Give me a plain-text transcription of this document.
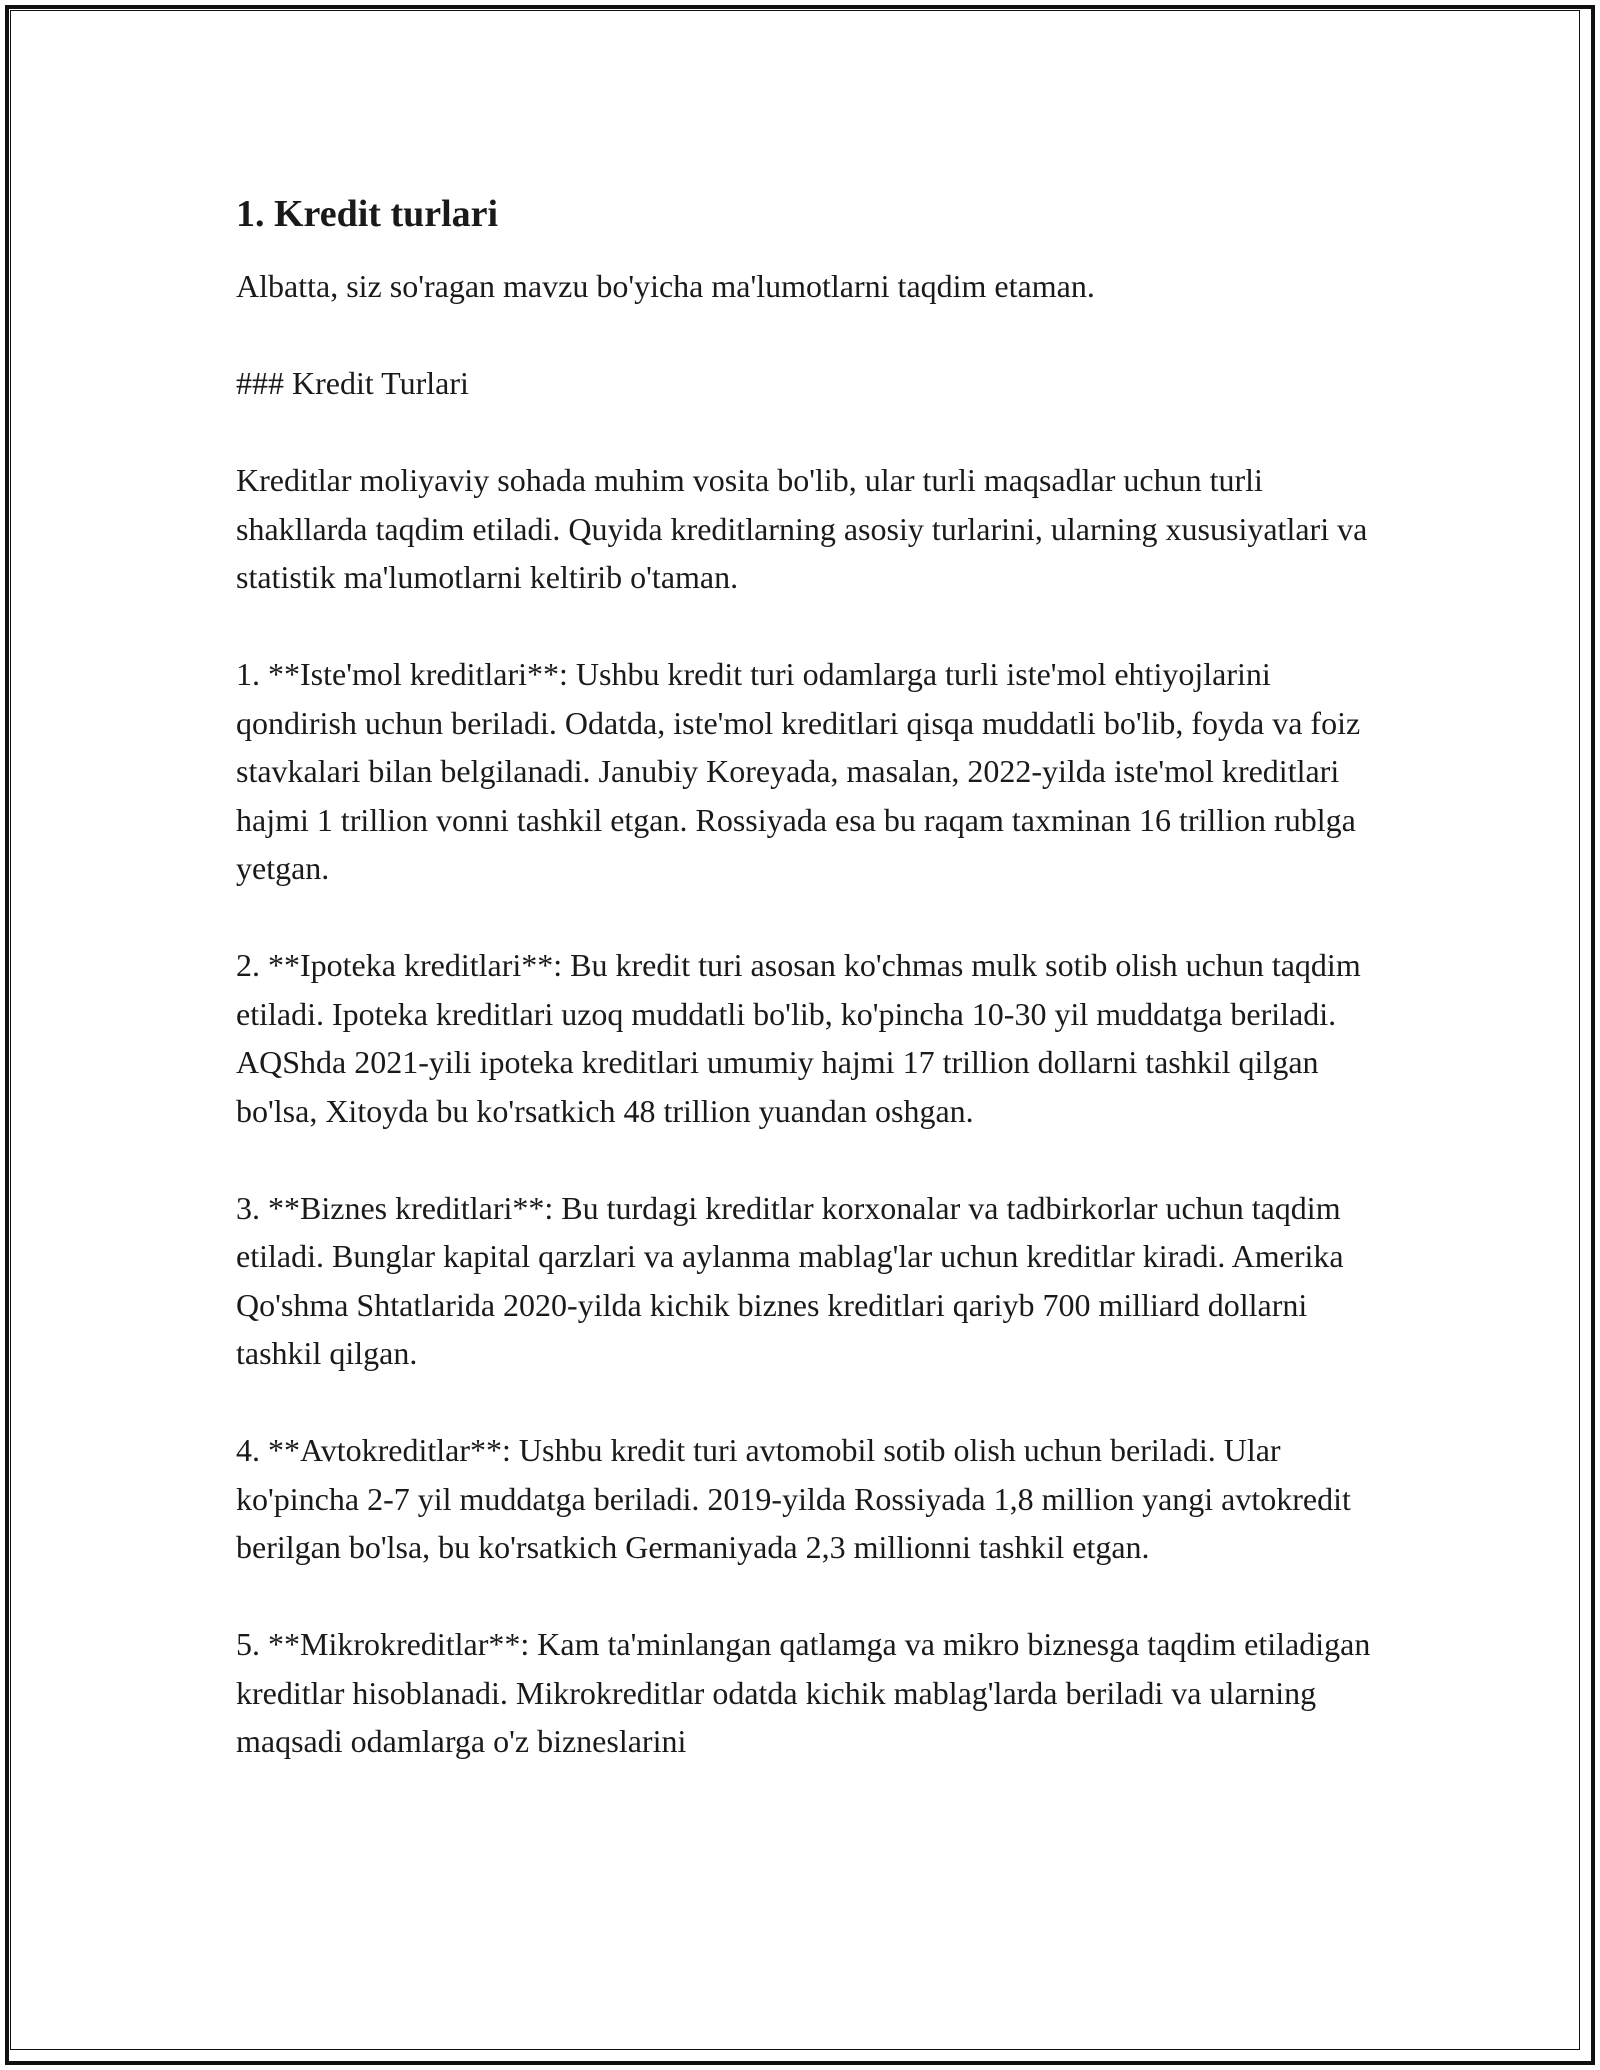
1. Kredit turlari

Albatta, siz so'ragan mavzu bo'yicha ma'lumotlarni taqdim etaman.

### Kredit Turlari

Kreditlar moliyaviy sohada muhim vosita bo'lib, ular turli maqsadlar uchun turli shakllarda taqdim etiladi. Quyida kreditlarning asosiy turlarini, ularning xususiyatlari va statistik ma'lumotlarni keltirib o'taman.

1. **Iste'mol kreditlari**: Ushbu kredit turi odamlarga turli iste'mol ehtiyojlarini qondirish uchun beriladi. Odatda, iste'mol kreditlari qisqa muddatli bo'lib, foyda va foiz stavkalari bilan belgilanadi. Janubiy Koreyada, masalan, 2022-yilda iste'mol kreditlari hajmi 1 trillion vonni tashkil etgan. Rossiyada esa bu raqam taxminan 16 trillion rublga yetgan.

2. **Ipoteka kreditlari**: Bu kredit turi asosan ko'chmas mulk sotib olish uchun taqdim etiladi. Ipoteka kreditlari uzoq muddatli bo'lib, ko'pincha 10-30 yil muddatga beriladi. AQShda 2021-yili ipoteka kreditlari umumiy hajmi 17 trillion dollarni tashkil qilgan bo'lsa, Xitoyda bu ko'rsatkich 48 trillion yuandan oshgan.

3. **Biznes kreditlari**: Bu turdagi kreditlar korxonalar va tadbirkorlar uchun taqdim etiladi. Bunglar kapital qarzlari va aylanma mablag'lar uchun kreditlar kiradi. Amerika Qo'shma Shtatlarida 2020-yilda kichik biznes kreditlari qariyb 700 milliard dollarni tashkil qilgan.

4. **Avtokreditlar**: Ushbu kredit turi avtomobil sotib olish uchun beriladi. Ular ko'pincha 2-7 yil muddatga beriladi. 2019-yilda Rossiyada 1,8 million yangi avtokredit berilgan bo'lsa, bu ko'rsatkich Germaniyada 2,3 millionni tashkil etgan.

5. **Mikrokreditlar**: Kam ta'minlangan qatlamga va mikro biznesga taqdim etiladigan kreditlar hisoblanadi. Mikrokreditlar odatda kichik mablag'larda beriladi va ularning maqsadi odamlarga o'z bizneslarini
